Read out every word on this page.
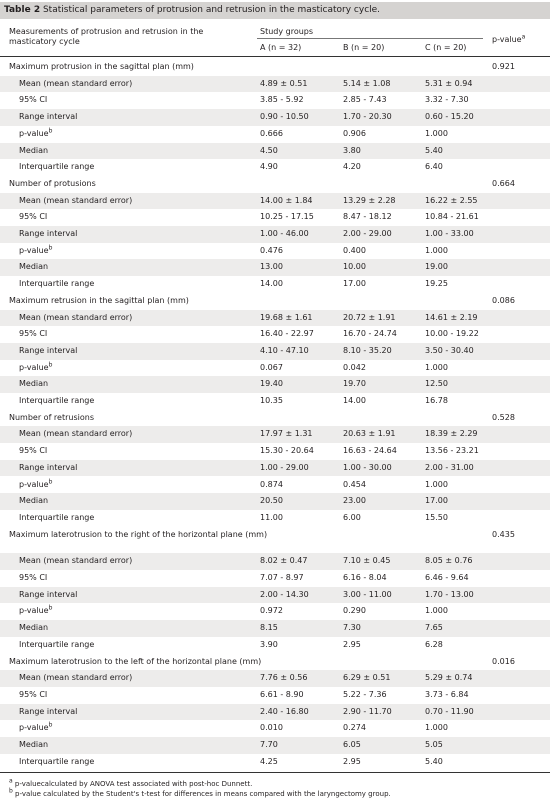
Table 2 Statistical parameters of protrusion and retrusion in the masticatory cycle.
Measurements of protrusion and retrusion in the
masticatory cycle
Study groups
A (n = 32)	B (n = 20)	C (n = 20)
p-value$^a$
Maximum protrusion in the sagittal plan (mm)	0.921
Mean (mean standard error)	4.89 ± 0.51	5.14 ± 1.08	5.31 ± 0.94
95% CI	3.85 - 5.92	2.85 - 7.43	3.32 - 7.30
Range interval	0.90 - 10.50	1.70 - 20.30	0.60 - 15.20
p-value$^b$	0.666	0.906	1.000
Median	4.50	3.80	5.40
Interquartile range	4.90	4.20	6.40
Number of protusions	0.664
Mean (mean standard error)	14.00 ± 1.84	13.29 ± 2.28	16.22 ± 2.55
95% CI	10.25 - 17.15	8.47 - 18.12	10.84 - 21.61
Range interval	1.00 - 46.00	2.00 - 29.00	1.00 - 33.00
p-value$^b$	0.476	0.400	1.000
Median	13.00	10.00	19.00
Interquartile range	14.00	17.00	19.25
Maximum retrusion in the sagittal plan (mm)	0.086
Mean (mean standard error)	19.68 ± 1.61	20.72 ± 1.91	14.61 ± 2.19
95% CI	16.40 - 22.97	16.70 - 24.74	10.00 - 19.22
Range interval	4.10 - 47.10	8.10 - 35.20	3.50 - 30.40
p-value$^b$	0.067	0.042	1.000
Median	19.40	19.70	12.50
Interquartile range	10.35	14.00	16.78
Number of retrusions	0.528
Mean (mean standard error)	17.97 ± 1.31	20.63 ± 1.91	18.39 ± 2.29
95% CI	15.30 - 20.64	16.63 - 24.64	13.56 - 23.21
Range interval	1.00 - 29.00	1.00 - 30.00	2.00 - 31.00
p-value$^b$	0.874	0.454	1.000
Median	20.50	23.00	17.00
Interquartile range	11.00	6.00	15.50
Maximum laterotrusion to the right of the horizontal plane (mm)	0.435
Mean (mean standard error)	8.02 ± 0.47	7.10 ± 0.45	8.05 ± 0.76
95% CI	7.07 - 8.97	6.16 - 8.04	6.46 - 9.64
Range interval	2.00 - 14.30	3.00 - 11.00	1.70 - 13.00
p-value$^b$	0.972	0.290	1.000
Median	8.15	7.30	7.65
Interquartile range	3.90	2.95	6.28
Maximum laterotrusion to the left of the horizontal plane (mm)	0.016
Mean (mean standard error)	7.76 ± 0.56	6.29 ± 0.51	5.29 ± 0.74
95% CI	6.61 - 8.90	5.22 - 7.36	3.73 - 6.84
Range interval	2.40 - 16.80	2.90 - 11.70	0.70 - 11.90
p-value$^b$	0.010	0.274	1.000
Median	7.70	6.05	5.05
Interquartile range	4.25	2.95	5.40
$^a$ p-valuecalculated by ANOVA test associated with post-hoc Dunnett.
$^b$ p-value calculated by the Student's t-test for differences in means compared with the laryngectomy group.
